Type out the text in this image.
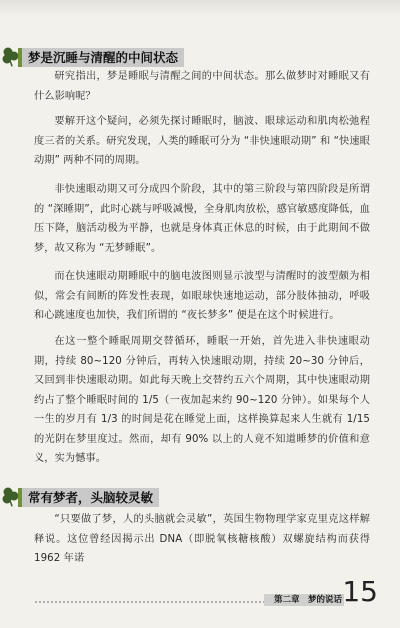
梦是沉睡与清醒的中间状态

研究指出，梦是睡眠与清醒之间的中间状态。那么做梦时对睡眠又有什么影响呢？

要解开这个疑问，必须先探讨睡眠时，脑波、眼球运动和肌肉松弛程度三者的关系。研究发现，人类的睡眠可分为 “非快速眼动期” 和 “快速眼动期” 两种不同的周期。

非快速眼动期又可分成四个阶段，其中的第三阶段与第四阶段是所谓的 “深睡期”，此时心跳与呼吸减慢，全身肌肉放松，感官敏感度降低，血压下降，脑活动极为平静，也就是身体真正休息的时候，由于此期间不做梦，故又称为 “无梦睡眠”。

而在快速眼动期睡眠中的脑电波图则显示波型与清醒时的波型颇为相似，常会有间断的阵发性表现，如眼球快速地运动，部分肢体抽动，呼吸和心跳速度也加快，我们所谓的 “夜长梦多” 便是在这个时候进行。

在这一整个睡眠周期交替循环，睡眠一开始，首先进入非快速眼动期，持续 80~120 分钟后，再转入快速眼动期，持续 20~30 分钟后，又回到非快速眼动期。如此每天晚上交替约五六个周期，其中快速眼动期约占了整个睡眠时间的 1/5（一夜加起来约 90~120 分钟）。如果每个人一生的岁月有 1/3 的时间是花在睡觉上面，这样换算起来人生就有 1/15 的光阴在梦里度过。然而，却有 90% 以上的人竟不知道睡梦的价值和意义，实为憾事。

常有梦者，头脑较灵敏

“只要做了梦，人的头脑就会灵敏”，英国生物物理学家克里克这样解释说。这位曾经因揭示出 DNA（即脱氧核糖核酸）双螺旋结构而获得 1962 年诺

第二章　梦的说话 15
